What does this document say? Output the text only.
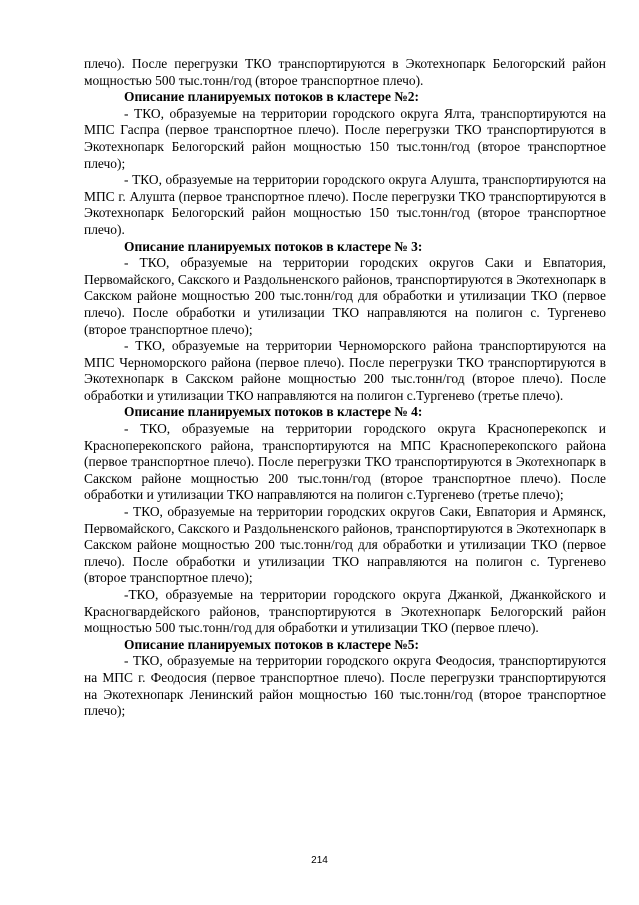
плечо). После перегрузки ТКО транспортируются в Экотехнопарк Белогорский район мощностью 500 тыс.тонн/год (второе транспортное плечо).

Описание планируемых потоков в кластере №2:

- ТКО, образуемые на территории городского округа Ялта, транспортируются на МПС Гаспра (первое транспортное плечо). После перегрузки ТКО транспортируются в Экотехнопарк Белогорский район мощностью 150 тыс.тонн/год (второе транспортное плечо);

- ТКО, образуемые на территории городского округа Алушта, транспортируются на МПС г. Алушта (первое транспортное плечо). После перегрузки ТКО транспортируются в Экотехнопарк Белогорский район мощностью 150 тыс.тонн/год (второе транспортное плечо).

Описание планируемых потоков в кластере № 3:

- ТКО, образуемые на территории городских округов Саки и Евпатория, Первомайского, Сакского и Раздольненского районов, транспортируются в Экотехнопарк в Сакском районе мощностью 200 тыс.тонн/год для обработки и утилизации ТКО (первое плечо). После обработки и утилизации ТКО направляются на полигон с. Тургенево (второе транспортное плечо);

- ТКО, образуемые на территории Черноморского района транспортируются на МПС Черноморского района (первое плечо). После перегрузки ТКО транспортируются в Экотехнопарк в Сакском районе мощностью 200 тыс.тонн/год (второе плечо). После обработки и утилизации ТКО направляются на полигон с.Тургенево (третье плечо).

Описание планируемых потоков в кластере № 4:

- ТКО, образуемые на территории городского округа Красноперекопск и Красноперекопского района, транспортируются на МПС Красноперекопского района (первое транспортное плечо). После перегрузки ТКО транспортируются в Экотехнопарк в Сакском районе мощностью 200 тыс.тонн/год (второе транспортное плечо). После обработки и утилизации ТКО направляются на полигон с.Тургенево (третье плечо);

- ТКО, образуемые на территории городских округов Саки, Евпатория и Армянск, Первомайского, Сакского и Раздольненского районов, транспортируются в Экотехнопарк в Сакском районе мощностью 200 тыс.тонн/год для обработки и утилизации ТКО (первое плечо). После обработки и утилизации ТКО направляются на полигон с. Тургенево (второе транспортное плечо);

-ТКО, образуемые на территории городского округа Джанкой, Джанкойского и Красногвардейского районов, транспортируются в Экотехнопарк Белогорский район мощностью 500 тыс.тонн/год для обработки и утилизации ТКО (первое плечо).

Описание планируемых потоков в кластере №5:

- ТКО, образуемые на территории городского округа Феодосия, транспортируются на МПС г. Феодосия (первое транспортное плечо). После перегрузки транспортируются на Экотехнопарк Ленинский район мощностью 160 тыс.тонн/год (второе транспортное плечо);

214
